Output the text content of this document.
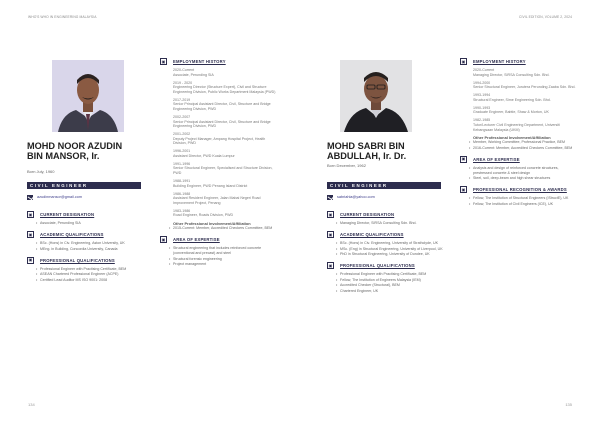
WHO'S WHO IN ENGINEERING MALAYSIA
MOHD NOOR AZUDIN BIN MANSOR, Ir.
Born July, 1960
CIVIL ENGINEER
azudinmansor@gmail.com
▣	CURRENT DESIGNATION
• Associate, Perunding SIA
▣	ACADEMIC QUALIFICATIONS
• BSc. (Hons) in Civ. Engineering, Aston University, UK
• MEng. in Building, Concordia University, Canada
▣	PROFESSIONAL QUALIFICATIONS
• Professional Engineer with Practising Certificate, BEM
• ASEAN Chartered Professional Engineer (ACPE)
• Certified Lead Auditor MS ISO 9001: 2008
▣	EMPLOYMENT HISTORY
2020-Current
Associate, Perunding SIA
2019 - 2020
Engineering Director (Structure Expert), Civil and Structure Engineering Division, Public Works Department Malaysia (PWD)
2017-2019
Senior Principal Assistant Director, Civil, Structure and Bridge Engineering Division, PWD
2002-2007
Senior Principal Assistant Director, Civil, Structure and Bridge Engineering Division, PWD
2001-2002
Deputy Project Manager, Ampang Hospital Project, Health Division, PWD
1996-2001
Assistant Director, PWD Kuala Lumpur
1991-1996
Senior Structural Engineer, Specialised and Structure Division, PWD
1988-1991
Building Engineer, PWD Penang Island District
1986-1988
Assistant Resident Engineer, Jalan Mabai Negeri Road Improvement Project, Penang
1983-1986
Road Engineer, Roads Division, PWD
Other Professional Involvement/Affiliation
• 2015-Current: Member, Accredited Checkers Committee, BEM
▣	AREA OF EXPERTISE
• Structural engineering that includes reinforced concrete (conventional and precast) and steel
• Structural forensic engineering
• Project management
134
CIVIL EDITION, VOLUME 2, 2024
MOHD SABRI BIN ABDULLAH, Ir. Dr.
Born December, 1962
CIVIL ENGINEER
sabriahla@yahoo.com
▣	CURRENT DESIGNATION
• Managing Director, SIRSA Consulting Sdn. Bhd.
▣	ACADEMIC QUALIFICATIONS
• BSc. (Hons) in Civ. Engineering, University of Strathclyde, UK
• MSc. (Eng) in Structural Engineering, University of Liverpool, UK
• PhD in Structural Engineering, University of Dundee, UK
▣	PROFESSIONAL QUALIFICATIONS
• Professional Engineer with Practising Certificate, BEM
• Fellow, The Institution of Engineers Malaysia (IEM)
• Accredited Checker (Structural), BEM
• Chartered Engineer, UK
▣	EMPLOYMENT HISTORY
2020-Current
Managing Director, SIRSA Consulting Sdn. Bhd.
1994-2000
Senior Structural Engineer, Jurutera Perunding Zaaba Sdn. Bhd.
1993-1994
Structural Engineer, Sime Engineering Sdn. Bhd.
1990-1993
Graduate Engineer, Babtie, Shaw & Morton, UK
1982-1985
Tutor/Lecturer Civil Engineering Department, Universiti Kebangsaan Malaysia (UKM)
Other Professional Involvement/Affiliation
• Member, Working Committee, Professional Practice, BEM
• 2016-Current: Member, Accredited Checkers Committee, BEM
▣	AREA OF EXPERTISE
• Analysis and design of reinforced concrete structures, prestressed concrete & steel design
• Steel, soil, deep-beam and high shear structures
▣	PROFESSIONAL RECOGNITION & AWARDS
• Fellow, The Institution of Structural Engineers (IStructE), UK
• Fellow, The Institution of Civil Engineers (ICE), UK
135
